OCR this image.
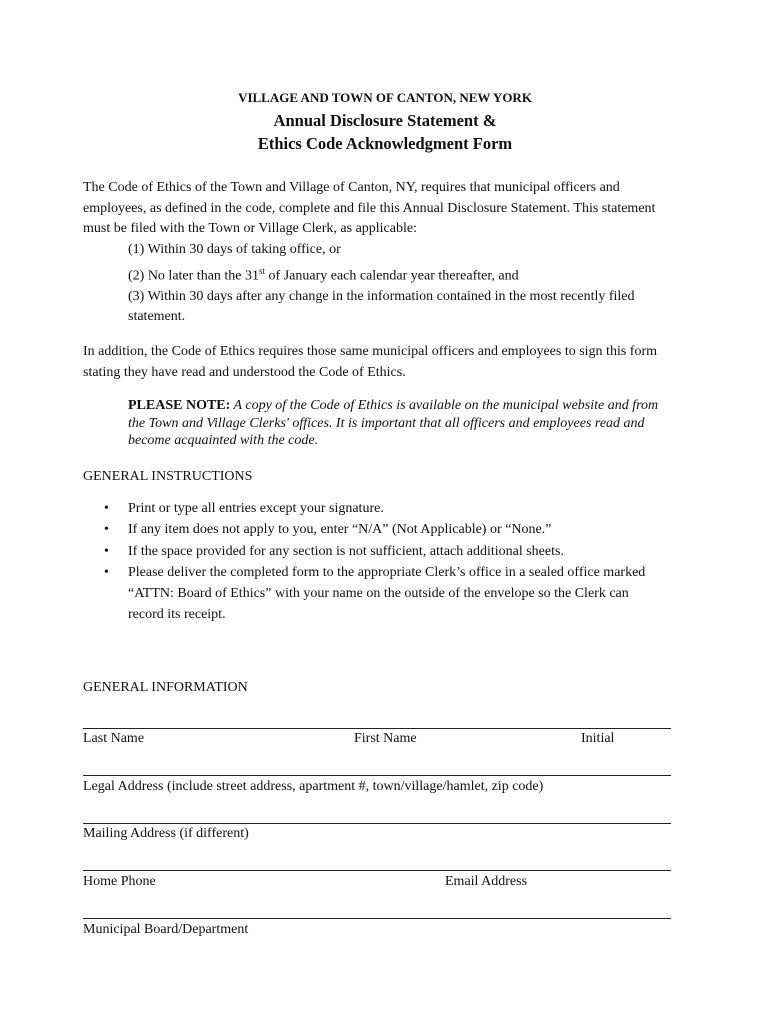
VILLAGE AND TOWN OF CANTON, NEW YORK
Annual Disclosure Statement &
Ethics Code Acknowledgment Form
The Code of Ethics of the Town and Village of Canton, NY, requires that municipal officers and employees, as defined in the code, complete and file this Annual Disclosure Statement. This statement must be filed with the Town or Village Clerk, as applicable:
(1) Within 30 days of taking office, or
(2) No later than the 31st of January each calendar year thereafter, and
(3) Within 30 days after any change in the information contained in the most recently filed statement.
In addition, the Code of Ethics requires those same municipal officers and employees to sign this form stating they have read and understood the Code of Ethics.
PLEASE NOTE: A copy of the Code of Ethics is available on the municipal website and from the Town and Village Clerks' offices. It is important that all officers and employees read and become acquainted with the code.
GENERAL INSTRUCTIONS
• Print or type all entries except your signature.
• If any item does not apply to you, enter “N/A” (Not Applicable) or “None.”
• If the space provided for any section is not sufficient, attach additional sheets.
• Please deliver the completed form to the appropriate Clerk’s office in a sealed office marked “ATTN: Board of Ethics” with your name on the outside of the envelope so the Clerk can record its receipt.
GENERAL INFORMATION
Last Name	First Name	Initial
Legal Address (include street address, apartment #, town/village/hamlet, zip code)
Mailing Address (if different)
Home Phone	Email Address
Municipal Board/Department
